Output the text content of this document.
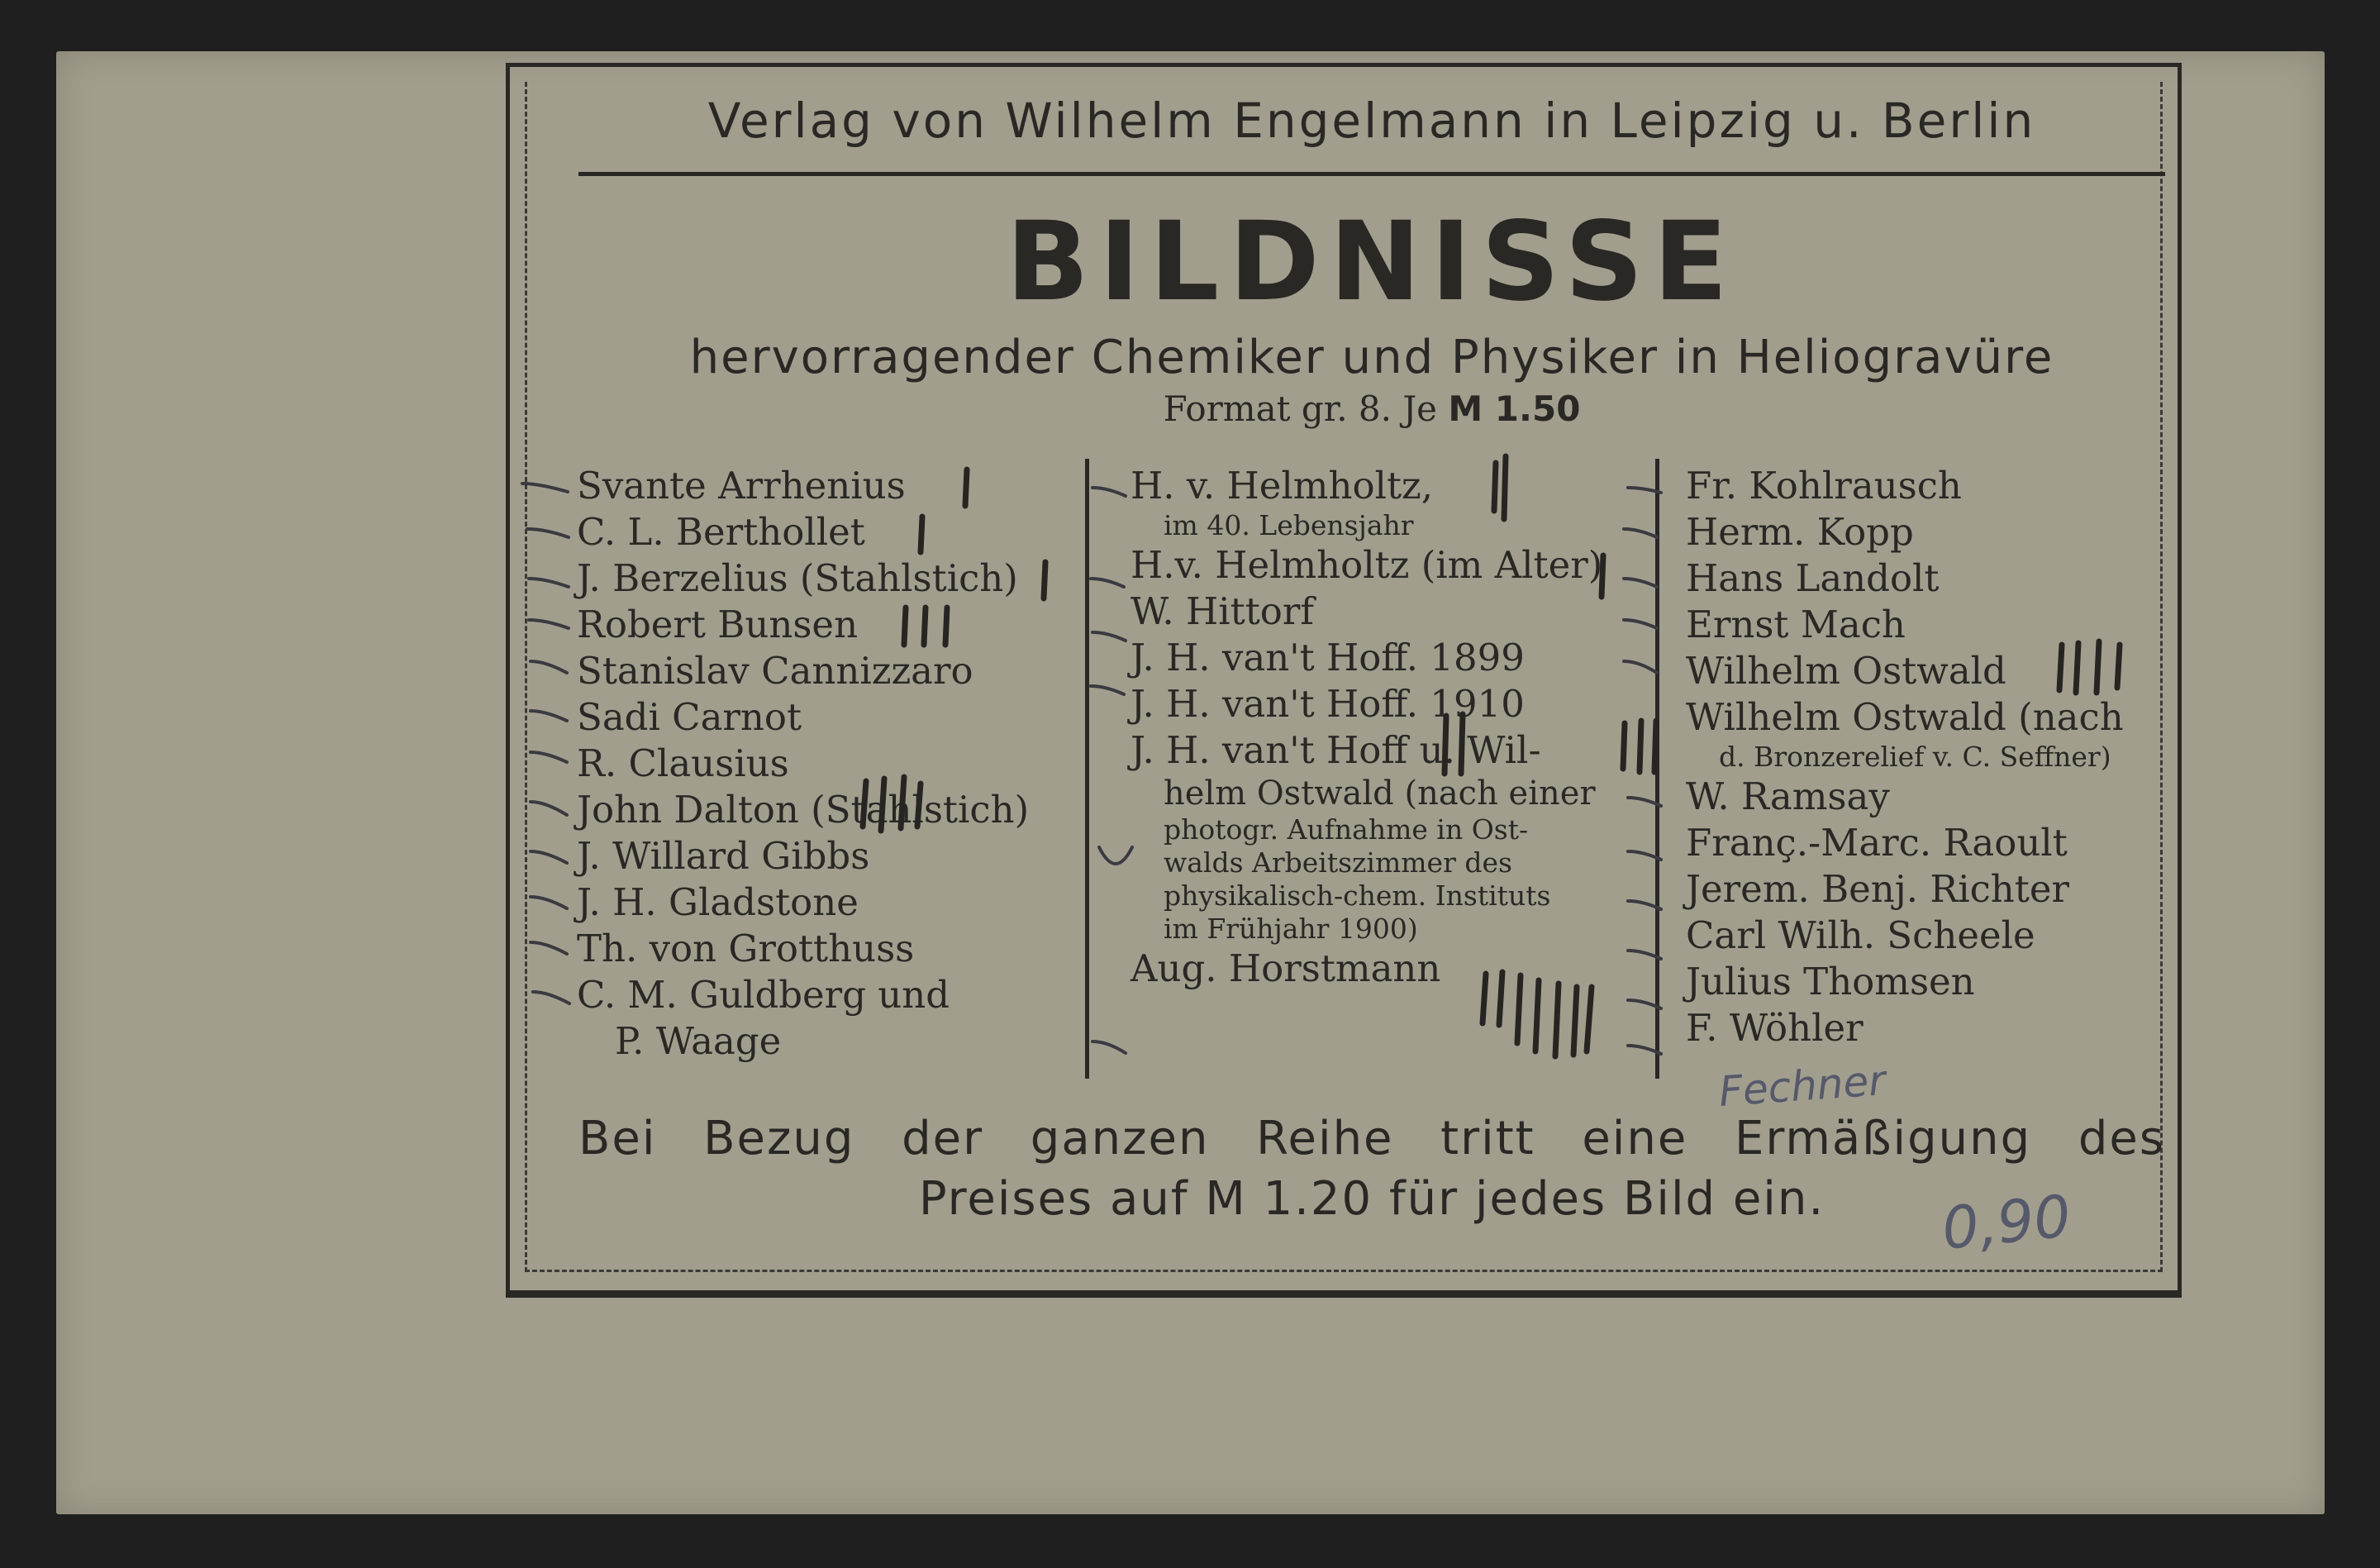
Verlag von Wilhelm Engelmann in Leipzig u. Berlin
BILDNISSE
hervorragender Chemiker und Physiker in Heliogravüre
Format gr. 8. Je M 1.50
Svante Arrhenius
C. L. Berthollet
J. Berzelius (Stahlstich)
Robert Bunsen
Stanislav Cannizzaro
Sadi Carnot
R. Clausius
John Dalton (Stahlstich)
J. Willard Gibbs
J. H. Gladstone
Th. von Grotthuss
C. M. Guldberg und
P. Waage
H. v. Helmholtz,
im 40. Lebensjahr
H.v. Helmholtz (im Alter)
W. Hittorf
J. H. van't Hoff. 1899
J. H. van't Hoff. 1910
J. H. van't Hoff u. Wil-
helm Ostwald (nach einer
photogr. Aufnahme in Ost-
walds Arbeitszimmer des
physikalisch-chem. Instituts
im Frühjahr 1900)
Aug. Horstmann
Fr. Kohlrausch
Herm. Kopp
Hans Landolt
Ernst Mach
Wilhelm Ostwald
Wilhelm Ostwald (nach
d. Bronzerelief v. C. Seffner)
W. Ramsay
Franç.-Marc. Raoult
Jerem. Benj. Richter
Carl Wilh. Scheele
Julius Thomsen
F. Wöhler
Bei Bezug der ganzen Reihe tritt eine Ermäßigung des
Preises auf M 1.20 für jedes Bild ein.
Fechner
0,90
